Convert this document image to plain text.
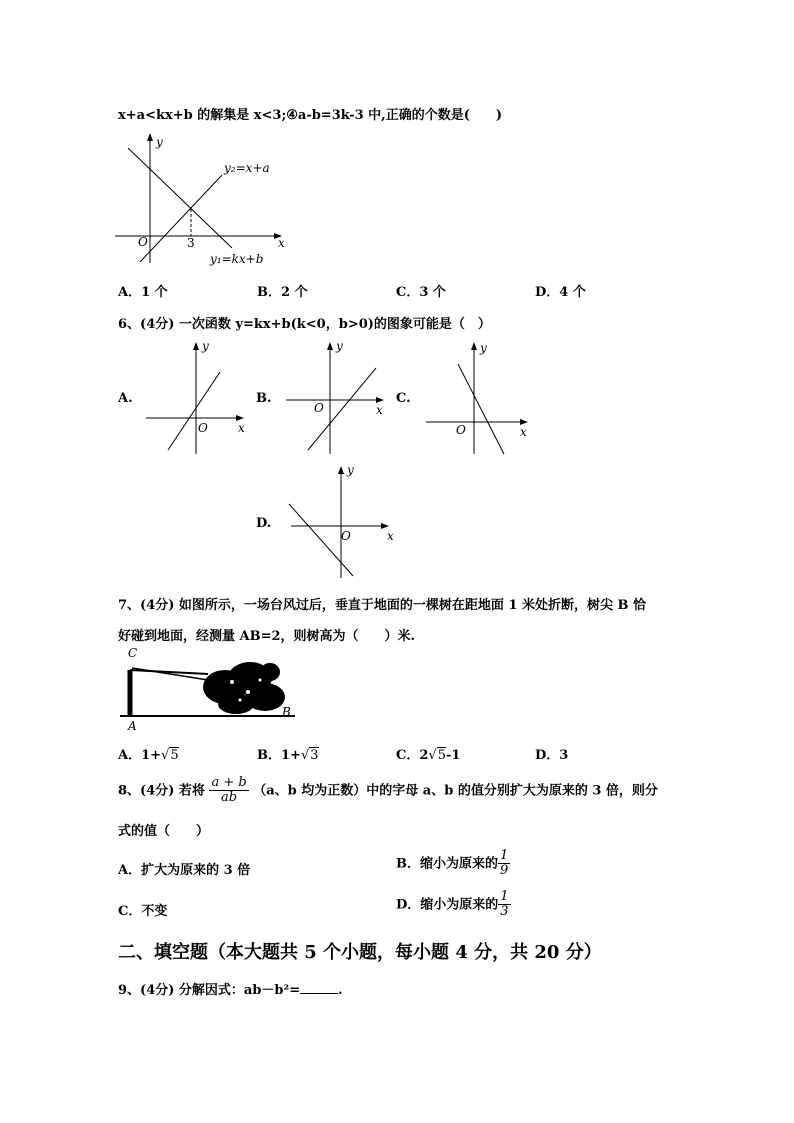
x+a<kx+b 的解集是 x<3;④a-b=3k-3 中,正确的个数是(　　)
y
x
O	3
y₂=x+a
y₁=kx+b
A．1 个	B．2 个	C．3 个	D．4 个
6、(4分) 一次函数 y=kx+b(k<0，b>0)的图象可能是（　）
A.	B.	C.
D.
y
x
O
y
x
O
y
x
O
y
x
O
7、(4分) 如图所示，一场台风过后，垂直于地面的一棵树在距地面 1 米处折断，树尖 B 恰
好碰到地面，经测量 AB=2，则树高为（　　）米.
C
A
B
A．1+√5	B．1+√3	C．2√5-1	D．3
8、(4分) 若将 $\frac{a + b}{ab} (a$、b 均为正数）中的字母 a、b 的值分别扩大为原来的 3 倍，则分
式的值（　　）
A．扩大为原来的 3 倍	B．缩小为原来的 $\frac{1}{9}$
C．不变	D．缩小为原来的 $\frac{1}{3}$
二、填空题（本大题共 5 个小题，每小题 4 分，共 20 分）
9、(4分) 分解因式：ab－b²=	.
